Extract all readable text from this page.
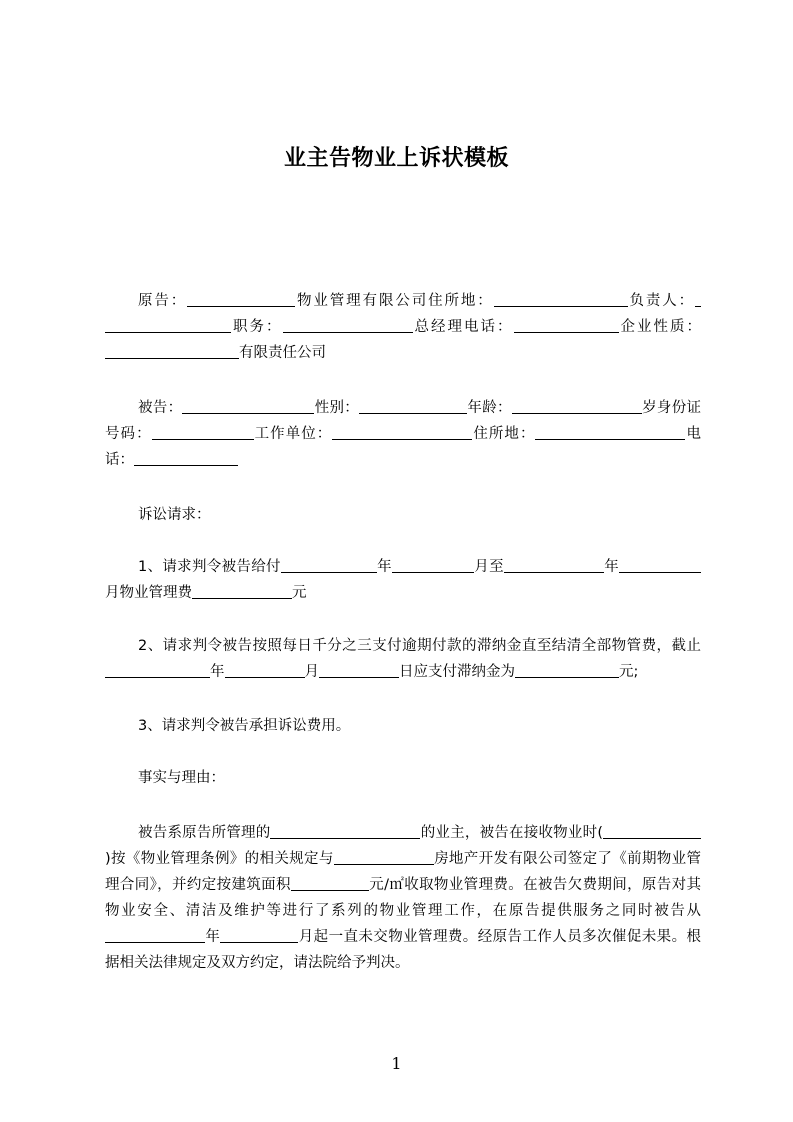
业主告物业上诉状模板

原告：	物业管理有限公司住所地：	负责人：职务：	总经理电话：	企业性质：有限责任公司

被告：	性别：	年龄：	岁身份证号码：	工作单位：	住所地：	电话：

诉讼请求：

1、请求判令被告给付	年	月至	年月物业管理费	元

2、请求判令被告按照每日千分之三支付逾期付款的滞纳金直至结清全部物管费，截止年	月	日应支付滞纳金为	元;

3、请求判令被告承担诉讼费用。

事实与理由：

被告系原告所管理的	的业主，被告在接收物业时()按《物业管理条例》的相关规定与	房地产开发有限公司签定了《前期物业管理合同》，并约定按建筑面积	元/㎡收取物业管理费。在被告欠费期间，原告对其物业安全、清洁及维护等进行了系列的物业管理工作，在原告提供服务之同时被告从年	月起一直未交物业管理费。经原告工作人员多次催促未果。根据相关法律规定及双方约定，请法院给予判决。

1
